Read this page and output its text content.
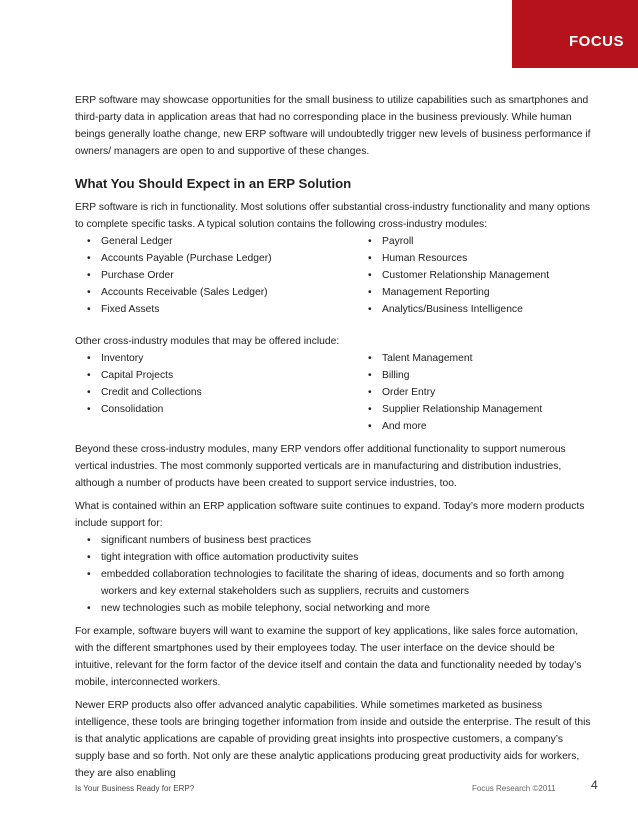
FOCUS

ERP software may showcase opportunities for the small business to utilize capabilities such as smartphones and third-party data in application areas that had no corresponding place in the business previously. While human beings generally loathe change, new ERP software will undoubtedly trigger new levels of business performance if owners/ managers are open to and supportive of these changes.

What You Should Expect in an ERP Solution

ERP software is rich in functionality. Most solutions offer substantial cross-industry functionality and many options to complete specific tasks. A typical solution contains the following cross-industry modules:

•	General Ledger	•	Payroll
•	Accounts Payable (Purchase Ledger)	•	Human Resources
•	Purchase Order	•	Customer Relationship Management
•	Accounts Receivable (Sales Ledger)	•	Management Reporting
•	Fixed Assets	•	Analytics/Business Intelligence

Other cross-industry modules that may be offered include:

•	Inventory	•	Talent Management
•	Capital Projects	•	Billing
•	Credit and Collections	•	Order Entry
•	Consolidation	•	Supplier Relationship Management
•	And more

Beyond these cross-industry modules, many ERP vendors offer additional functionality to support numerous vertical industries. The most commonly supported verticals are in manufacturing and distribution industries, although a number of products have been created to support service industries, too.

What is contained within an ERP application software suite continues to expand. Today’s more modern products include support for:

•	significant numbers of business best practices
•	tight integration with office automation productivity suites
•	embedded collaboration technologies to facilitate the sharing of ideas, documents and so forth among workers and key external stakeholders such as suppliers, recruits and customers
•	new technologies such as mobile telephony, social networking and more

For example, software buyers will want to examine the support of key applications, like sales force automation, with the different smartphones used by their employees today. The user interface on the device should be intuitive, relevant for the form factor of the device itself and contain the data and functionality needed by today’s mobile, interconnected workers.

Newer ERP products also offer advanced analytic capabilities. While sometimes marketed as business intelligence, these tools are bringing together information from inside and outside the enterprise. The result of this is that analytic applications are capable of providing great insights into prospective customers, a company’s supply base and so forth. Not only are these analytic applications producing great productivity aids for workers, they are also enabling

Is Your Business Ready for ERP?	Focus Research ©2011	4
